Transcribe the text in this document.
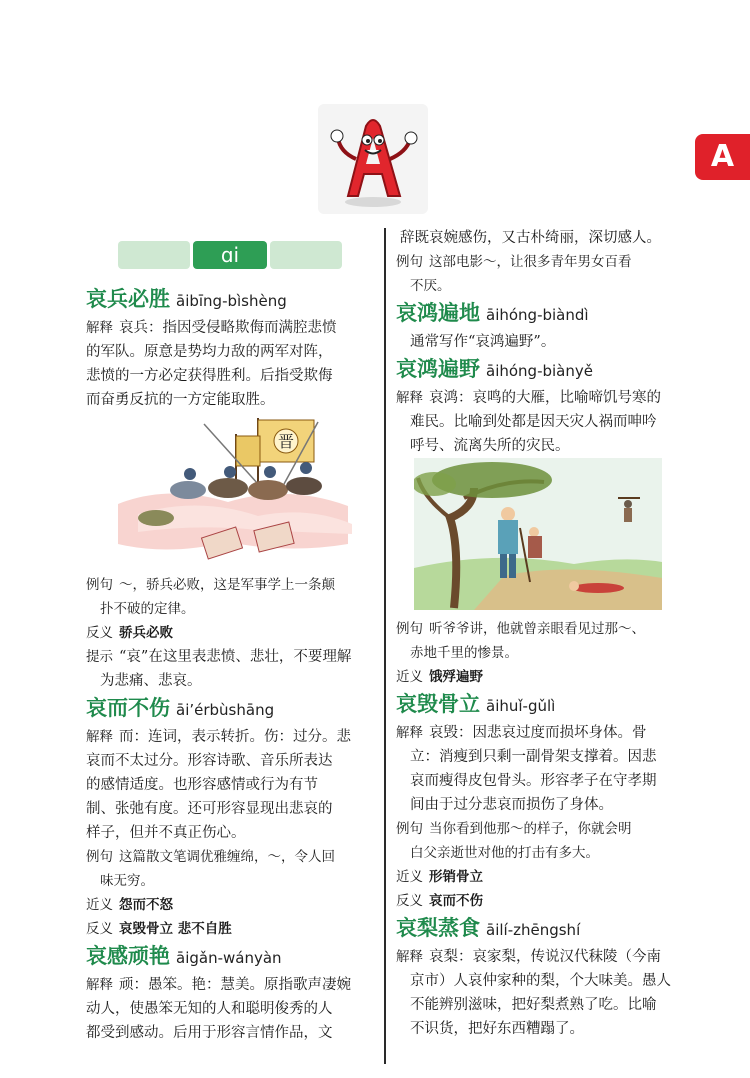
A
ɑi

哀兵必胜 āibīng-bìshèng

解释 哀兵：指因受侵略欺侮而满腔悲愤

的军队。原意是势均力敌的两军对阵，

悲愤的一方必定获得胜利。后指受欺侮

而奋勇反抗的一方定能取胜。

晋

例句 ～，骄兵必败，这是军事学上一条颠

扑不破的定律。

反义 骄兵必败

提示 “哀”在这里表悲愤、悲壮，不要理解

为悲痛、悲哀。

哀而不伤 āi’érbùshāng

解释 而：连词，表示转折。伤：过分。悲

哀而不太过分。形容诗歌、音乐所表达

的感情适度。也形容感情或行为有节

制、张弛有度。还可形容显现出悲哀的

样子，但并不真正伤心。

例句 这篇散文笔调优雅缠绵，～，令人回

味无穷。

近义 怨而不怒

反义 哀毁骨立 悲不自胜

哀感顽艳 āigǎn-wányàn

解释 顽：愚笨。艳：慧美。原指歌声凄婉

动人，使愚笨无知的人和聪明俊秀的人

都受到感动。后用于形容言情作品，文

辞既哀婉感伤，又古朴绮丽，深切感人。

例句 这部电影～，让很多青年男女百看

不厌。

哀鸿遍地 āihóng-biàndì

通常写作“哀鸿遍野”。

哀鸿遍野 āihóng-biànyě

解释 哀鸿：哀鸣的大雁，比喻啼饥号寒的

难民。比喻到处都是因天灾人祸而呻吟

呼号、流离失所的灾民。

例句 听爷爷讲，他就曾亲眼看见过那～、

赤地千里的惨景。

近义 饿殍遍野

哀毁骨立 āihuǐ-gǔlì

解释 哀毁：因悲哀过度而损坏身体。骨

立：消瘦到只剩一副骨架支撑着。因悲

哀而瘦得皮包骨头。形容孝子在守孝期

间由于过分悲哀而损伤了身体。

例句 当你看到他那～的样子，你就会明

白父亲逝世对他的打击有多大。

近义 形销骨立

反义 哀而不伤

哀梨蒸食 āilí-zhēngshí

解释 哀梨：哀家梨，传说汉代秣陵（今南

京市）人哀仲家种的梨，个大味美。愚人

不能辨别滋味，把好梨煮熟了吃。比喻

不识货，把好东西糟蹋了。
